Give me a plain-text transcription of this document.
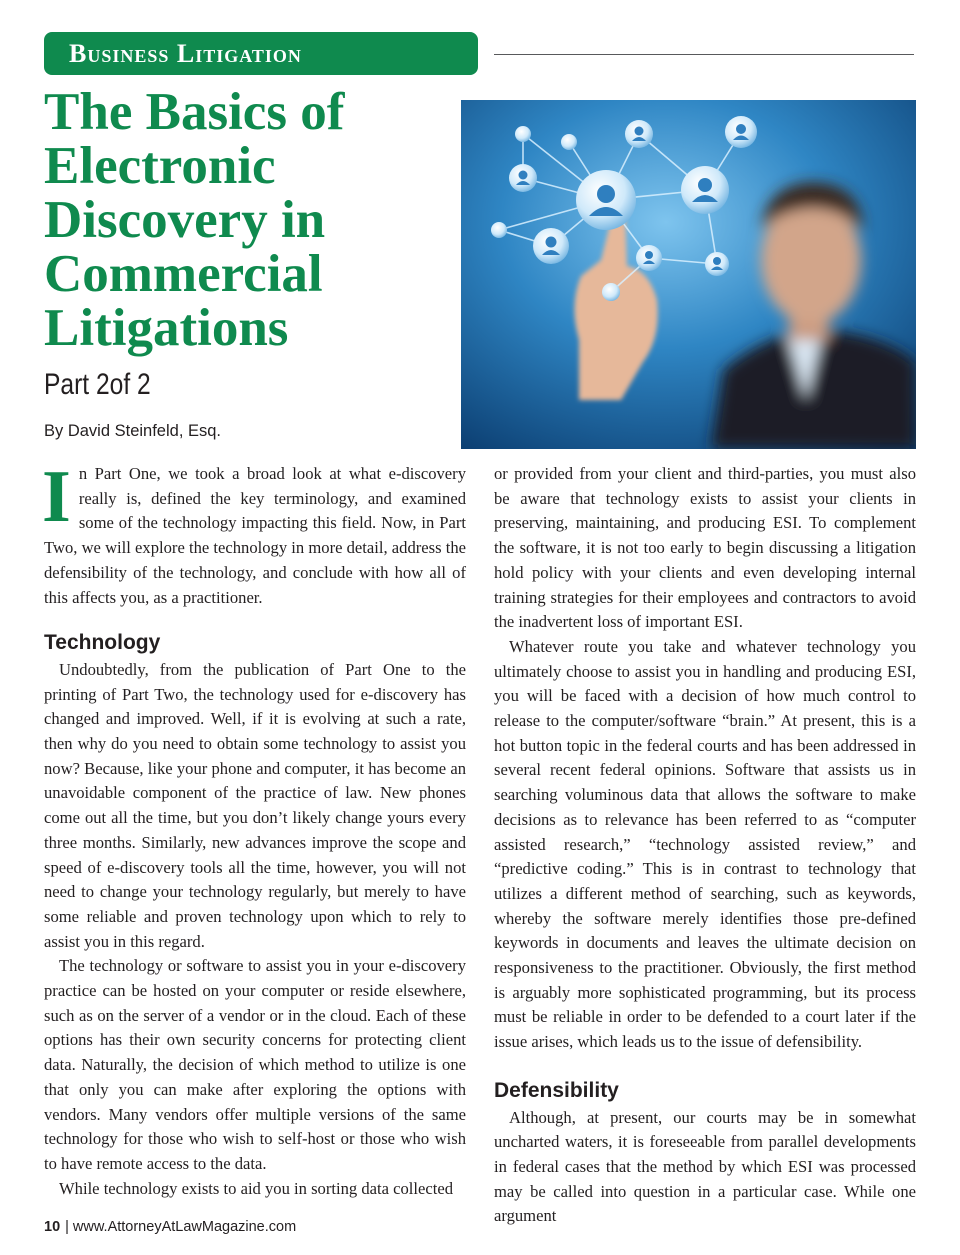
Business Litigation
The Basics of Electronic Discovery in Commercial Litigations
Part 2of 2
By David Steinfeld, Esq.

In Part One, we took a broad look at what e-discovery really is, defined the key terminology, and examined some of the technology impacting this field. Now, in Part Two, we will explore the technology in more detail, address the defensibility of the technology, and conclude with how all of this affects you, as a practitioner.

Technology

Undoubtedly, from the publication of Part One to the printing of Part Two, the technology used for e-discovery has changed and improved. Well, if it is evolving at such a rate, then why do you need to obtain some technology to assist you now? Because, like your phone and computer, it has become an unavoidable component of the practice of law. New phones come out all the time, but you don’t likely change yours every three months. Similarly, new advances improve the scope and speed of e-discovery tools all the time, however, you will not need to change your technology regularly, but merely to have some reliable and proven technology upon which to rely to assist you in this regard.

The technology or software to assist you in your e-discovery practice can be hosted on your computer or reside elsewhere, such as on the server of a vendor or in the cloud. Each of these options has their own security concerns for protecting client data. Naturally, the decision of which method to utilize is one that only you can make after exploring the options with vendors. Many vendors offer multiple versions of the same technology for those who wish to self-host or those who wish to have remote access to the data.

While technology exists to aid you in sorting data collected

or provided from your client and third-parties, you must also be aware that technology exists to assist your clients in preserving, maintaining, and producing ESI. To complement the software, it is not too early to begin discussing a litigation hold policy with your clients and even developing internal training strategies for their employees and contractors to avoid the inadvertent loss of important ESI.

Whatever route you take and whatever technology you ultimately choose to assist you in handling and producing ESI, you will be faced with a decision of how much control to release to the computer/software “brain.” At present, this is a hot button topic in the federal courts and has been addressed in several recent federal opinions. Software that assists us in searching voluminous data that allows the software to make decisions as to relevance has been referred to as “computer assisted research,” “technology assisted review,” and “predictive coding.” This is in contrast to technology that utilizes a different method of searching, such as keywords, whereby the software merely identifies those pre-defined keywords in documents and leaves the ultimate decision on responsiveness to the practitioner. Obviously, the first method is arguably more sophisticated programming, but its process must be reliable in order to be defended to a court later if the issue arises, which leads us to the issue of defensibility.

Defensibility

Although, at present, our courts may be in somewhat uncharted waters, it is foreseeable from parallel developments in federal cases that the method by which ESI was processed may be called into question in a particular case. While one argument

10 | www.AttorneyAtLawMagazine.com
